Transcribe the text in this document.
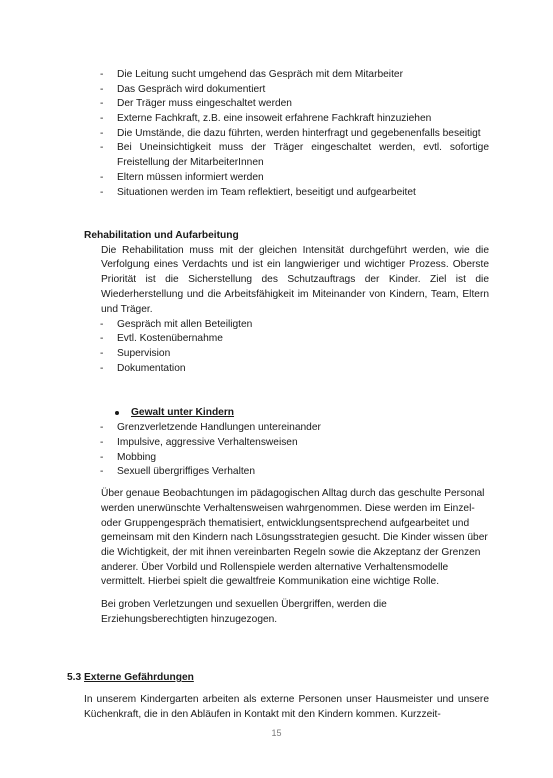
- Die Leitung sucht umgehend das Gespräch mit dem Mitarbeiter
- Das Gespräch wird dokumentiert
- Der Träger muss eingeschaltet werden
- Externe Fachkraft, z.B. eine insoweit erfahrene Fachkraft hinzuziehen
- Die Umstände, die dazu führten, werden hinterfragt und gegebenenfalls beseitigt
- Bei Uneinsichtigkeit muss der Träger eingeschaltet werden, evtl. sofortige
Freistellung der MitarbeiterInnen
- Eltern müssen informiert werden
- Situationen werden im Team reflektiert, beseitigt und aufgearbeitet
Rehabilitation und Aufarbeitung
Die Rehabilitation muss mit der gleichen Intensität durchgeführt werden, wie die
Verfolgung eines Verdachts und ist ein langwieriger und wichtiger Prozess. Oberste
Priorität ist die Sicherstellung des Schutzauftrags der Kinder. Ziel ist die
Wiederherstellung und die Arbeitsfähigkeit im Miteinander von Kindern, Team, Eltern
und Träger.
- Gespräch mit allen Beteiligten
- Evtl. Kostenübernahme
- Supervision
- Dokumentation
Gewalt unter Kindern
- Grenzverletzende Handlungen untereinander
- Impulsive, aggressive Verhaltensweisen
- Mobbing
- Sexuell übergriffiges Verhalten
Über genaue Beobachtungen im pädagogischen Alltag durch das geschulte Personal
werden unerwünschte Verhaltensweisen wahrgenommen. Diese werden im Einzel-
oder Gruppengespräch thematisiert, entwicklungsentsprechend aufgearbeitet und
gemeinsam mit den Kindern nach Lösungsstrategien gesucht. Die Kinder wissen über
die Wichtigkeit, der mit ihnen vereinbarten Regeln sowie die Akzeptanz der Grenzen
anderer. Über Vorbild und Rollenspiele werden alternative Verhaltensmodelle
vermittelt. Hierbei spielt die gewaltfreie Kommunikation eine wichtige Rolle.
Bei groben Verletzungen und sexuellen Übergriffen, werden die
Erziehungsberechtigten hinzugezogen.
5.3 Externe Gefährdungen
In unserem Kindergarten arbeiten als externe Personen unser Hausmeister und unsere
Küchenkraft, die in den Abläufen in Kontakt mit den Kindern kommen. Kurzzeit-
15
